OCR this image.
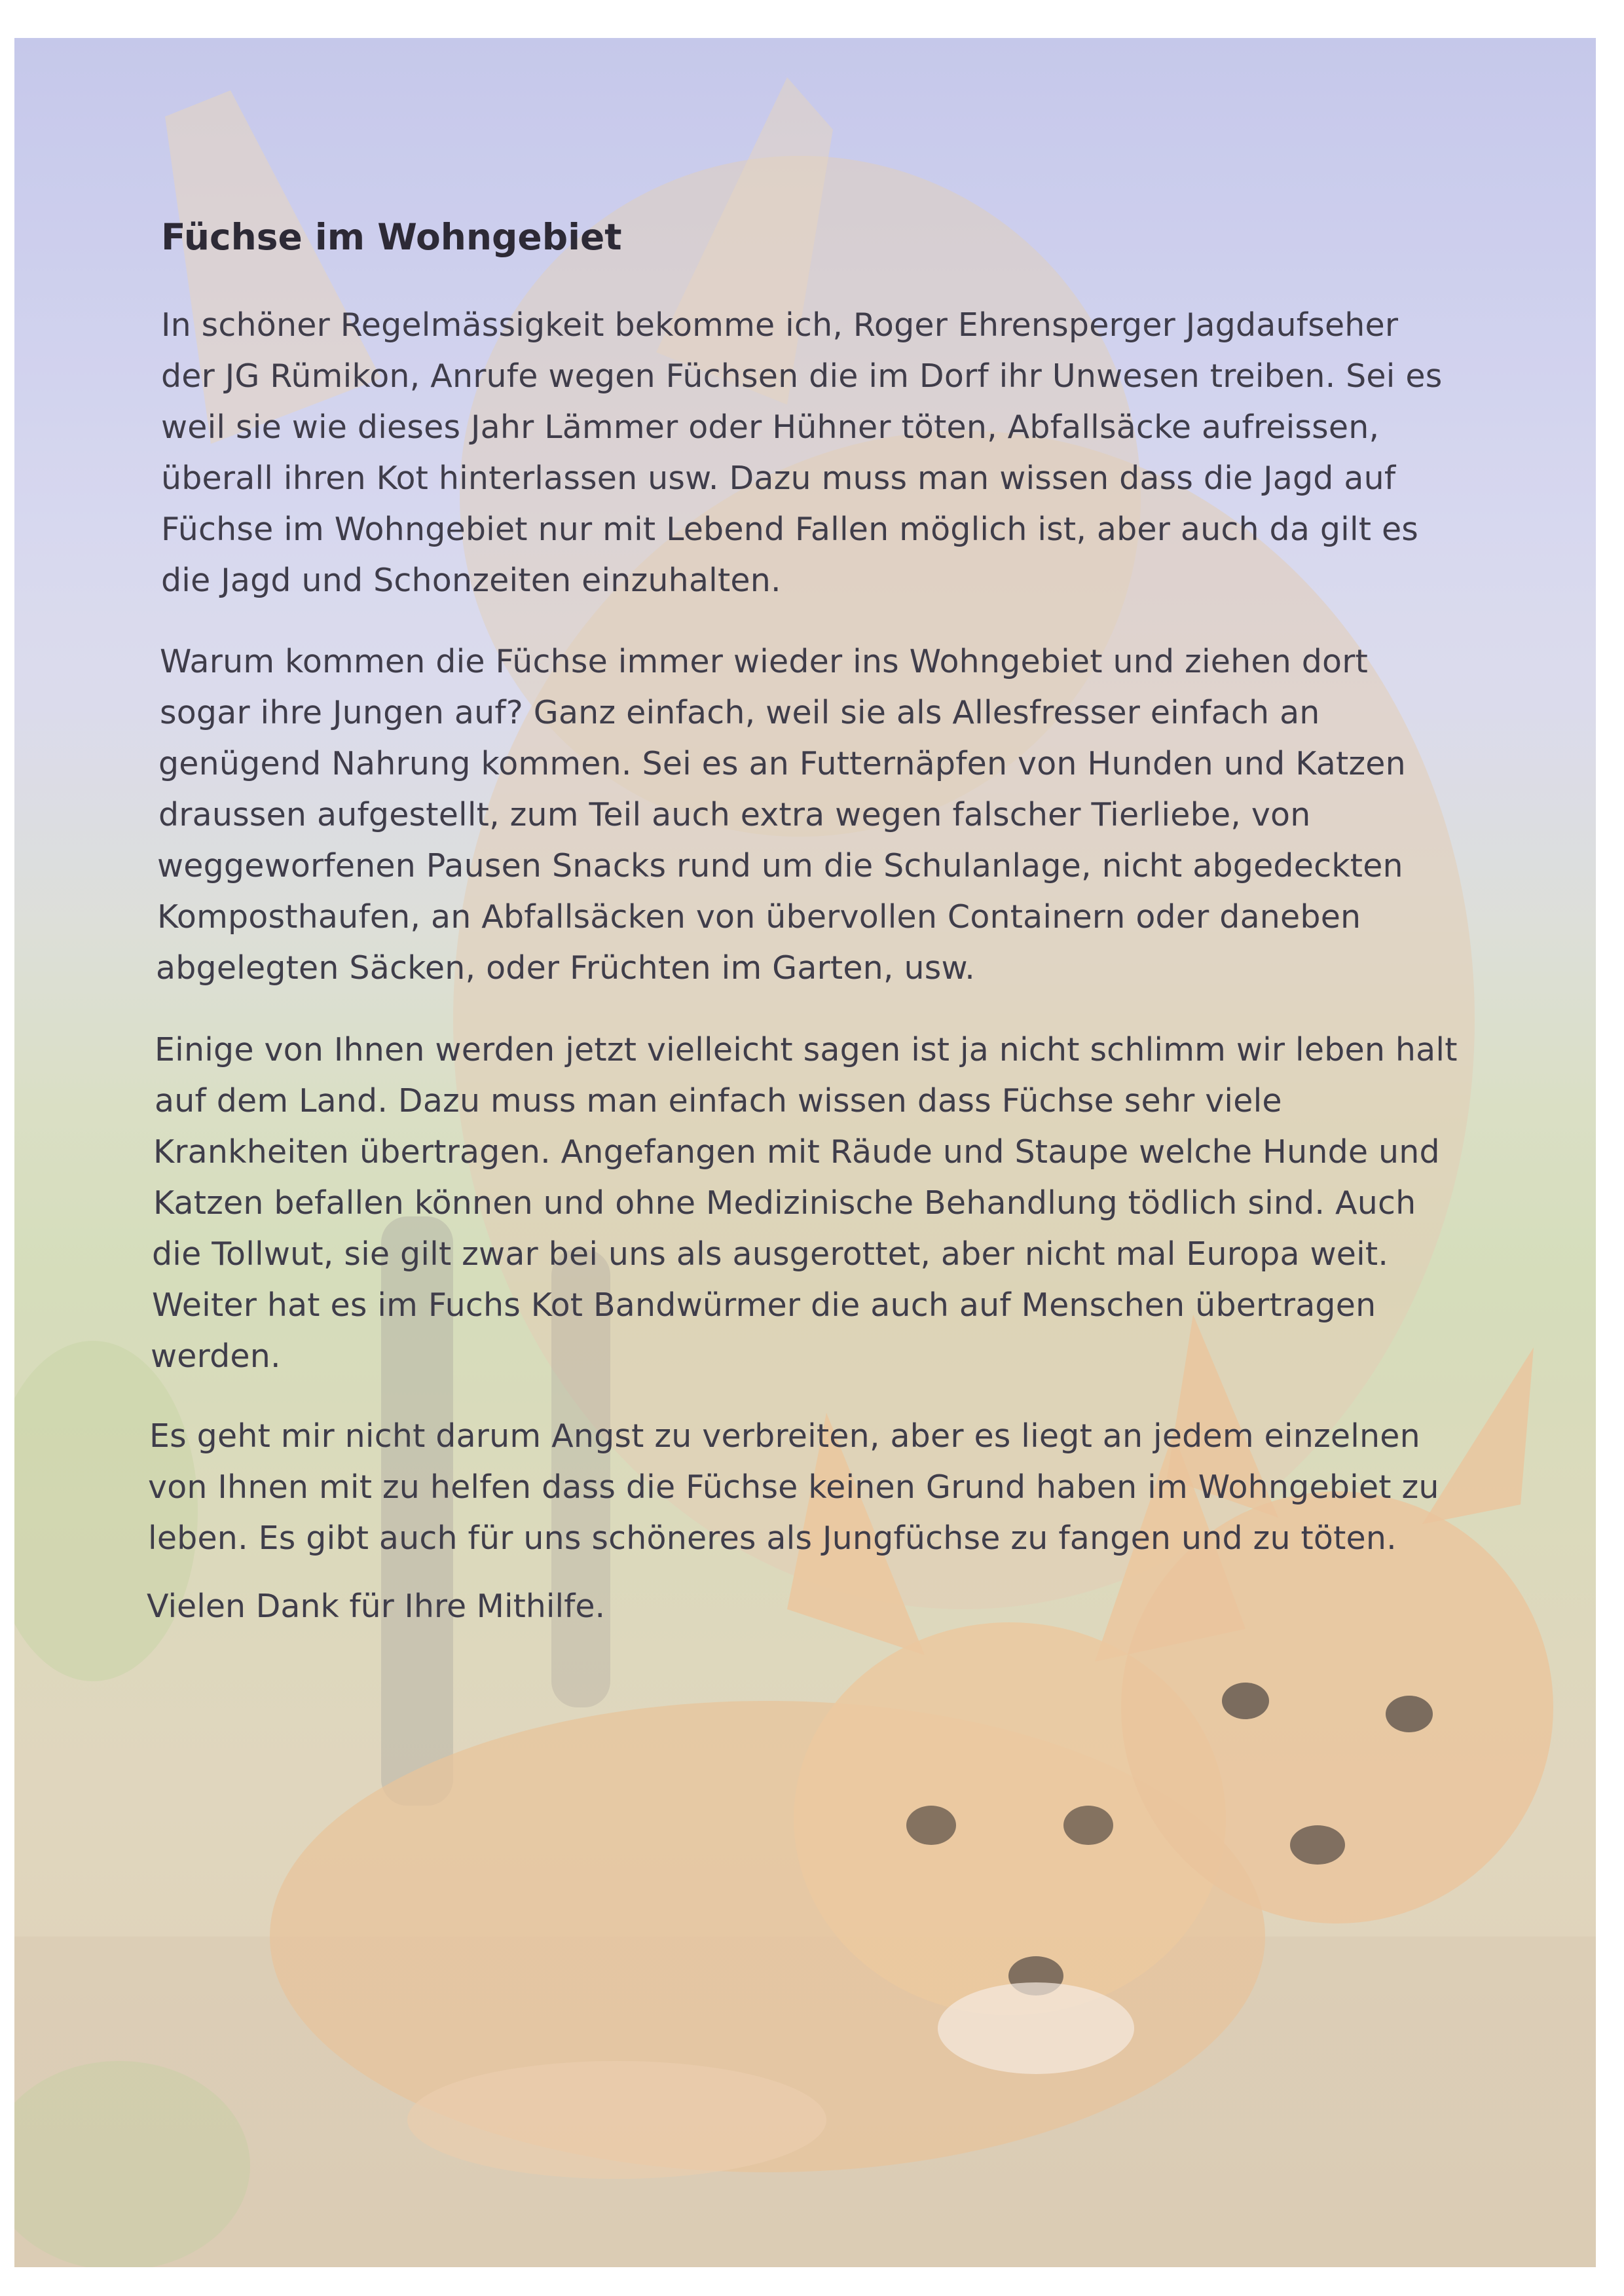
Füchse im Wohngebiet
In schöner Regelmässigkeit bekomme ich, Roger Ehrensperger Jagdaufseher
der JG Rümikon, Anrufe wegen Füchsen die im Dorf ihr Unwesen treiben. Sei es
weil sie wie dieses Jahr Lämmer oder Hühner töten, Abfallsäcke aufreissen,
überall ihren Kot hinterlassen usw. Dazu muss man wissen dass die Jagd auf
Füchse im Wohngebiet nur mit Lebend Fallen möglich ist, aber auch da gilt es
die Jagd und Schonzeiten einzuhalten.
Warum kommen die Füchse immer wieder ins Wohngebiet und ziehen dort
sogar ihre Jungen auf? Ganz einfach, weil sie als Allesfresser einfach an
genügend Nahrung kommen. Sei es an Futternäpfen von Hunden und Katzen
draussen aufgestellt, zum Teil auch extra wegen falscher Tierliebe, von
weggeworfenen Pausen Snacks rund um die Schulanlage, nicht abgedeckten
Komposthaufen, an Abfallsäcken von übervollen Containern oder daneben
abgelegten Säcken, oder Früchten im Garten, usw.
Einige von Ihnen werden jetzt vielleicht sagen ist ja nicht schlimm wir leben halt
auf dem Land. Dazu muss man einfach wissen dass Füchse sehr viele
Krankheiten übertragen. Angefangen mit Räude und Staupe welche Hunde und
Katzen befallen können und ohne Medizinische Behandlung tödlich sind. Auch
die Tollwut, sie gilt zwar bei uns als ausgerottet, aber nicht mal Europa weit.
Weiter hat es im Fuchs Kot Bandwürmer die auch auf Menschen übertragen
werden.
Es geht mir nicht darum Angst zu verbreiten, aber es liegt an jedem einzelnen
von Ihnen mit zu helfen dass die Füchse keinen Grund haben im Wohngebiet zu
leben. Es gibt auch für uns schöneres als Jungfüchse zu fangen und zu töten.
Vielen Dank für Ihre Mithilfe.
